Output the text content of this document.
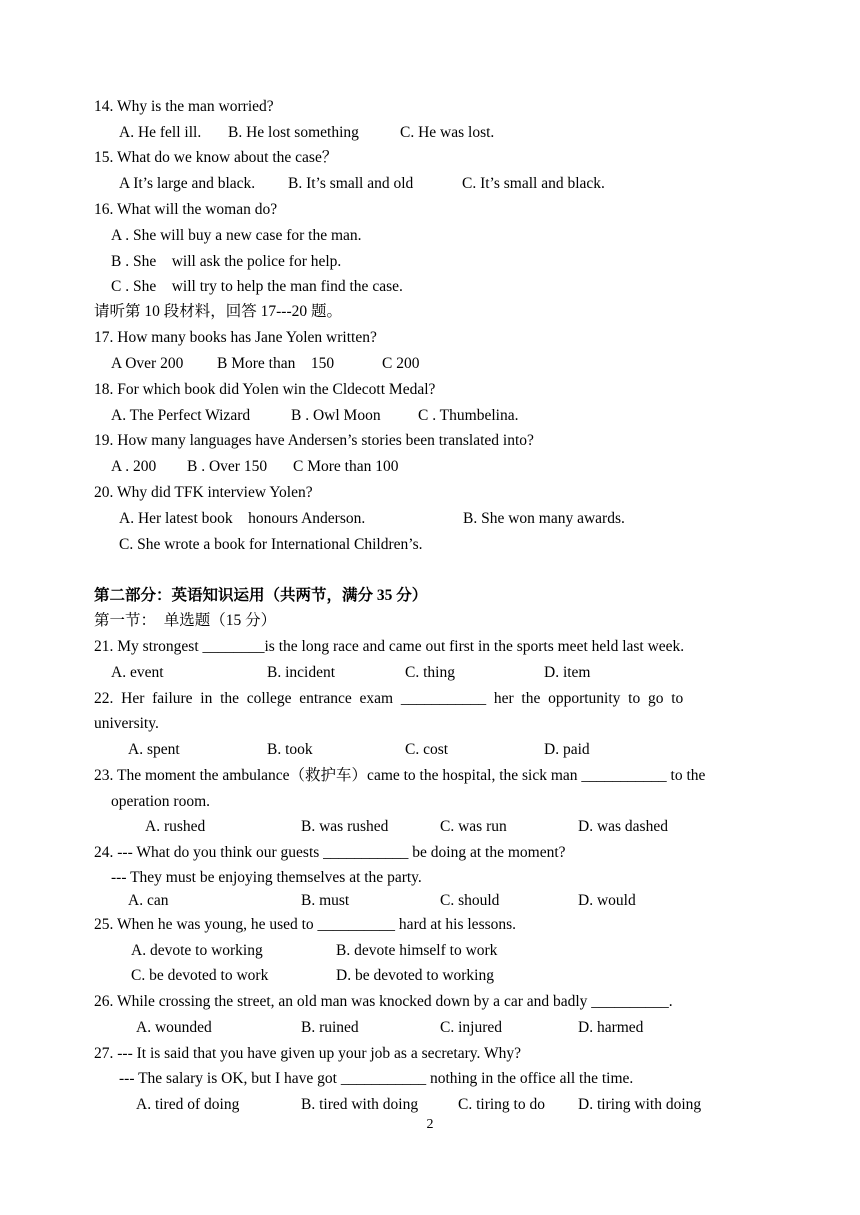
14. Why is the man worried?
A. He fell ill. B. He lost something	C. He was lost.
15. What do we know about the case？
A It’s large and black. B. It’s small and old	C. It’s small and black.
16. What will the woman do?
A . She will buy a new case for the man.
B . She    will ask the police for help.
C . She    will try to help the man find the case.
请听第 10 段材料，回答 17---20 题。
17. How many books has Jane Yolen written?
A Over 200 B More than    150	C 200
18. For which book did Yolen win the Cldecott Medal?
A. The Perfect Wizard	B . Owl Moon C . Thumbelina.
19. How many languages have Andersen’s stories been translated into?
A . 200 B . Over 150 C More than 100
20. Why did TFK interview Yolen?
A. Her latest book    honours Anderson.	B. She won many awards.
C. She wrote a book for International Children’s.
第二部分：英语知识运用（共两节，满分 35 分）
第一节：  单选题（15 分）
21. My strongest ________is the long race and came out first in the sports meet held last week.
A. event	B. incident	C. thing	D. item
22.  Her  failure  in  the  college  entrance  exam  ___________  her  the  opportunity  to  go  to
university.
A. spent	B. took	C. cost	D. paid
23. The moment the ambulance（救护车）came to the hospital, the sick man ___________ to the
operation room.
A. rushed	B. was rushed	C. was run	D. was dashed
24. --- What do you think our guests ___________ be doing at the moment?
--- They must be enjoying themselves at the party.
A. can	B. must	C. should	D. would
25. When he was young, he used to __________ hard at his lessons.
A. devote to working	B. devote himself to work
C. be devoted to work	D. be devoted to working
26. While crossing the street, an old man was knocked down by a car and badly __________.
A. wounded	B. ruined	C. injured	D. harmed
27. --- It is said that you have given up your job as a secretary. Why?
--- The salary is OK, but I have got ___________ nothing in the office all the time.
A. tired of doing	B. tired with doing	C. tiring to do D. tiring with doing
2
